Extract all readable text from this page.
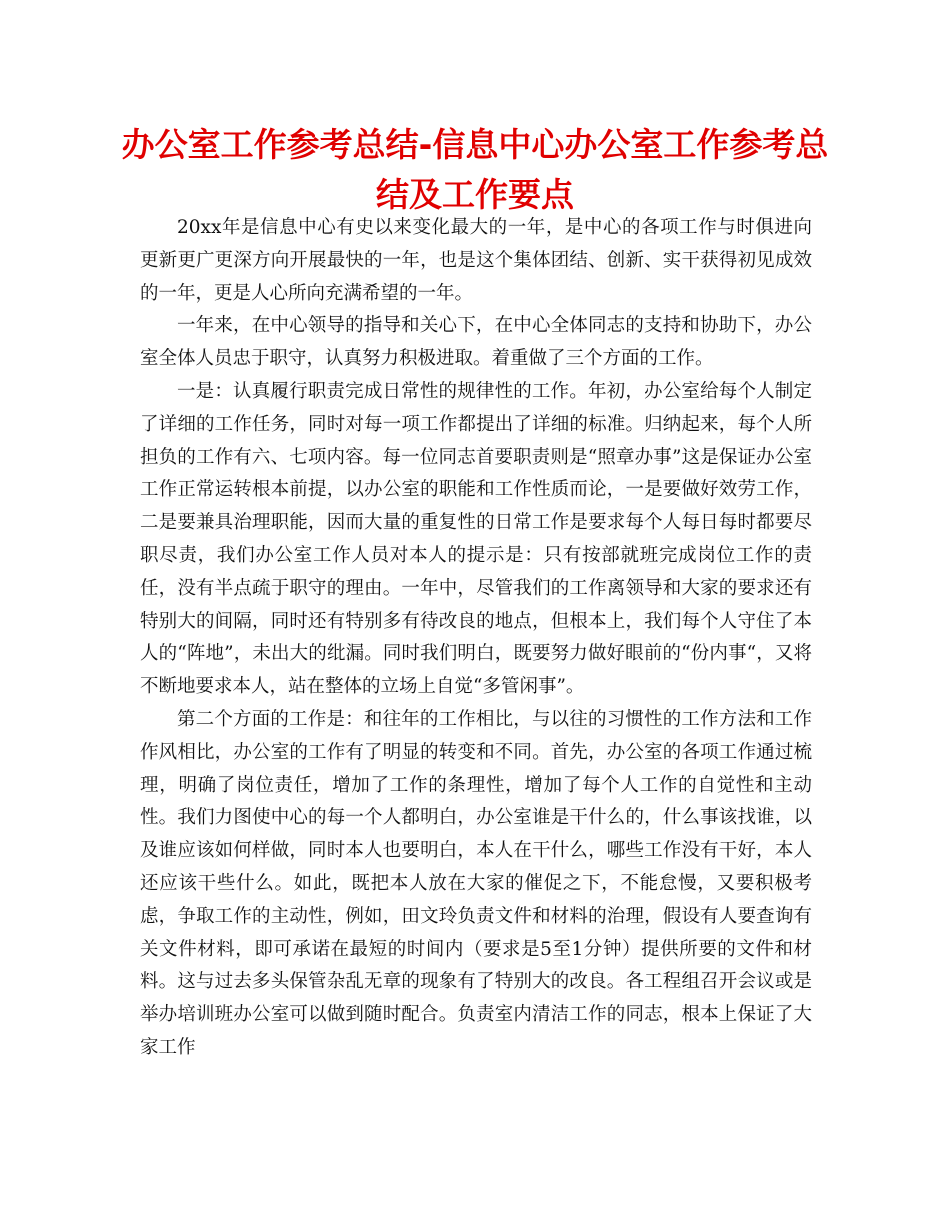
办公室工作参考总结-信息中心办公室工作参考总结及工作要点

20xx年是信息中心有史以来变化最大的一年，是中心的各项工作与时俱进向更新更广更深方向开展最快的一年，也是这个集体团结、创新、实干获得初见成效的一年，更是人心所向充满希望的一年。

一年来，在中心领导的指导和关心下，在中心全体同志的支持和协助下，办公室全体人员忠于职守，认真努力积极进取。着重做了三个方面的工作。

一是：认真履行职责完成日常性的规律性的工作。年初，办公室给每个人制定了详细的工作任务，同时对每一项工作都提出了详细的标准。归纳起来，每个人所担负的工作有六、七项内容。每一位同志首要职责则是“照章办事”这是保证办公室工作正常运转根本前提，以办公室的职能和工作性质而论，一是要做好效劳工作，二是要兼具治理职能，因而大量的重复性的日常工作是要求每个人每日每时都要尽职尽责，我们办公室工作人员对本人的提示是：只有按部就班完成岗位工作的责任，没有半点疏于职守的理由。一年中，尽管我们的工作离领导和大家的要求还有特别大的间隔，同时还有特别多有待改良的地点，但根本上，我们每个人守住了本人的“阵地”，未出大的纰漏。同时我们明白，既要努力做好眼前的“份内事“，又将不断地要求本人，站在整体的立场上自觉“多管闲事”。

第二个方面的工作是：和往年的工作相比，与以往的习惯性的工作方法和工作作风相比，办公室的工作有了明显的转变和不同。首先，办公室的各项工作通过梳理，明确了岗位责任，增加了工作的条理性，增加了每个人工作的自觉性和主动性。我们力图使中心的每一个人都明白，办公室谁是干什么的，什么事该找谁，以及谁应该如何样做，同时本人也要明白，本人在干什么，哪些工作没有干好，本人还应该干些什么。如此，既把本人放在大家的催促之下，不能怠慢，又要积极考虑，争取工作的主动性，例如，田文玲负责文件和材料的治理，假设有人要查询有关文件材料，即可承诺在最短的时间内（要求是5至1分钟）提供所要的文件和材料。这与过去多头保管杂乱无章的现象有了特别大的改良。各工程组召开会议或是举办培训班办公室可以做到随时配合。负责室内清洁工作的同志，根本上保证了大家工作
